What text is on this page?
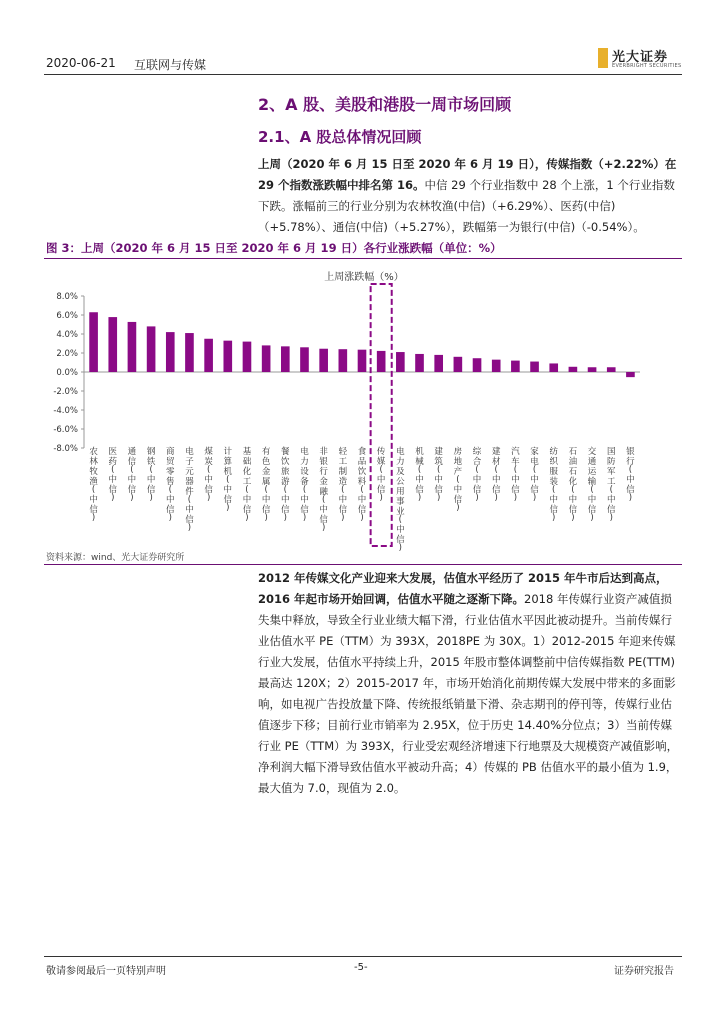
2020-06-21 互联网与传媒	光大证券
EVERBRIGHT SECURITIES
2、A 股、美股和港股一周市场回顾
2.1、A 股总体情况回顾
上周（2020 年 6 月 15 日至 2020 年 6 月 19 日），传媒指数（+2.22%）在 29 个指数涨跌幅中排名第 16。中信 29 个行业指数中 28 个上涨，1 个行业指数下跌。涨幅前三的行业分别为农林牧渔(中信)（+6.29%）、医药(中信)（+5.78%）、通信(中信)（+5.27%），跌幅第一为银行(中信)（-0.54%）。
图 3：上周（2020 年 6 月 15 日至 2020 年 6 月 19 日）各行业涨跌幅（单位：%）
上周涨跌幅（%）
8.0%
6.0%
4.0%
2.0%
0.0%
-2.0%
-4.0%
-6.0%
-8.0% 农林牧渔(中信)
医药(中信)
通信(中信)
钢铁(中信)
商贸零售(中信)
电子元器件(中信)
煤炭(中信)
计算机(中信)
基础化工(中信)
有色金属(中信)
餐饮旅游(中信)
电力设备(中信)
非银行金融(中信)
轻工制造(中信)
食品饮料(中信)
传媒(中信)
电力及公用事业(中信)
机械(中信)
建筑(中信)
房地产(中信)
综合(中信)
建材(中信)
汽车(中信)
家电(中信)
纺织服装(中信)
石油石化(中信)
交通运输(中信)
国防军工(中信)
银行(中信)
资料来源：wind、光大证券研究所
2012 年传媒文化产业迎来大发展，估值水平经历了 2015 年牛市后达到高点，2016 年起市场开始回调，估值水平随之逐渐下降。2018 年传媒行业资产减值损失集中释放，导致全行业业绩大幅下滑，行业估值水平因此被动提升。当前传媒行业估值水平 PE（TTM）为 393X，2018PE 为 30X。1）2012-2015 年迎来传媒行业大发展，估值水平持续上升，2015 年股市整体调整前中信传媒指数 PE(TTM) 最高达 120X；2）2015-2017 年，市场开始消化前期传媒大发展中带来的多面影响，如电视广告投放量下降、传统报纸销量下滑、杂志期刊的停刊等，传媒行业估值逐步下移；目前行业市销率为 2.95X，位于历史 14.40%分位点；3）当前传媒行业 PE（TTM）为 393X，行业受宏观经济增速下行地票及大规模资产减值影响，净利润大幅下滑导致估值水平被动升高；4）传媒的 PB 估值水平的最小值为 1.9，最大值为 7.0，现值为 2.0。
敬请参阅最后一页特别声明	-5-	证券研究报告
